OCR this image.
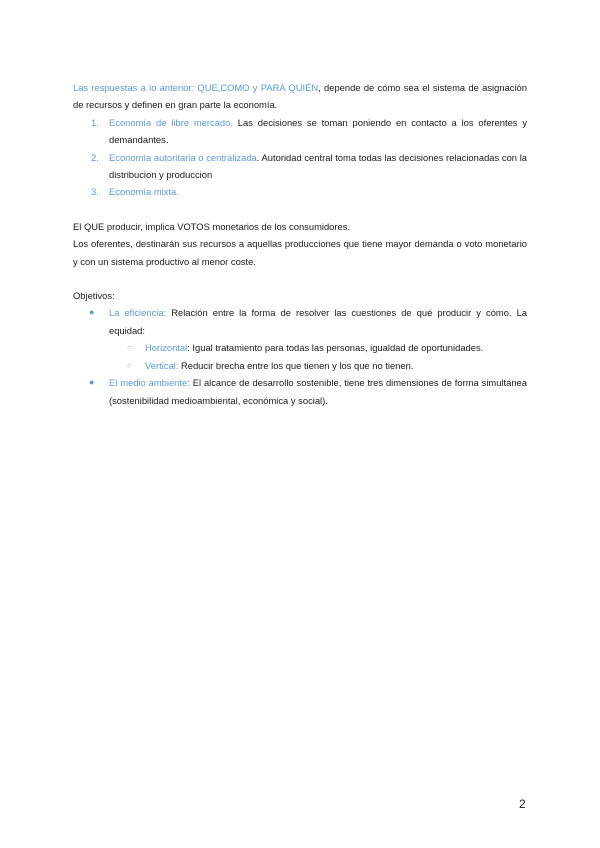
Las respuestas a lo anterior: QUE,COMO y PARA QUIÉN, depende de cómo sea el sistema de asignación de recursos y definen en gran parte la economía.

1. Economía de libre mercado. Las decisiones se toman poniendo en contacto a los oferentes y demandantes.
2. Economía autoritaria o centralizada. Autoridad central toma todas las decisiones relacionadas con la distribucion y produccion
3. Economía mixta.

El QUE producir, implica VOTOS monetarios de los consumidores.

Los oferentes, destinarán sus recursos a aquellas producciones que tiene mayor demanda o voto monetario y con un sistema productivo al menor coste.

Objetivos:

● La eficiencia: Relación entre la forma de resolver las cuestiones de qué producir y cómo. La equidad:
○ Horizontal: Igual tratamiento para todas las personas, igualdad de oportunidades.
○ Vertical: Reducir brecha entre los que tienen y los que no tienen.
● El medio ambiente: El alcance de desarrollo sostenible, tiene tres dimensiones de forma simultánea (sostenibilidad medioambiental, económica y social).
2
